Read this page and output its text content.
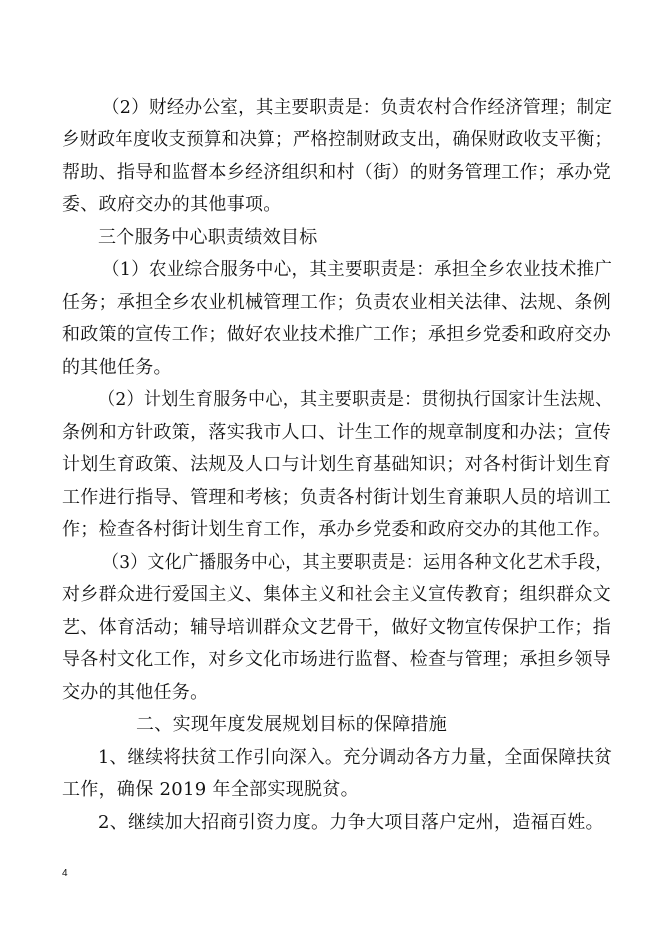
（2）财经办公室，其主要职责是：负责农村合作经济管理；制定
乡财政年度收支预算和决算；严格控制财政支出，确保财政收支平衡；
帮助、指导和监督本乡经济组织和村（街）的财务管理工作；承办党
委、政府交办的其他事项。
三个服务中心职责绩效目标
（1）农业综合服务中心，其主要职责是：承担全乡农业技术推广
任务；承担全乡农业机械管理工作；负责农业相关法律、法规、条例
和政策的宣传工作；做好农业技术推广工作；承担乡党委和政府交办
的其他任务。
（2）计划生育服务中心，其主要职责是：贯彻执行国家计生法规、
条例和方针政策，落实我市人口、计生工作的规章制度和办法；宣传
计划生育政策、法规及人口与计划生育基础知识；对各村街计划生育
工作进行指导、管理和考核；负责各村街计划生育兼职人员的培训工
作；检查各村街计划生育工作，承办乡党委和政府交办的其他工作。
（3）文化广播服务中心，其主要职责是：运用各种文化艺术手段，
对乡群众进行爱国主义、集体主义和社会主义宣传教育；组织群众文
艺、体育活动；辅导培训群众文艺骨干，做好文物宣传保护工作；指
导各村文化工作，对乡文化市场进行监督、检查与管理；承担乡领导
交办的其他任务。
二、实现年度发展规划目标的保障措施
1、继续将扶贫工作引向深入。充分调动各方力量，全面保障扶贫
工作，确保 2019 年全部实现脱贫。
2、继续加大招商引资力度。力争大项目落户定州，造福百姓。
4
